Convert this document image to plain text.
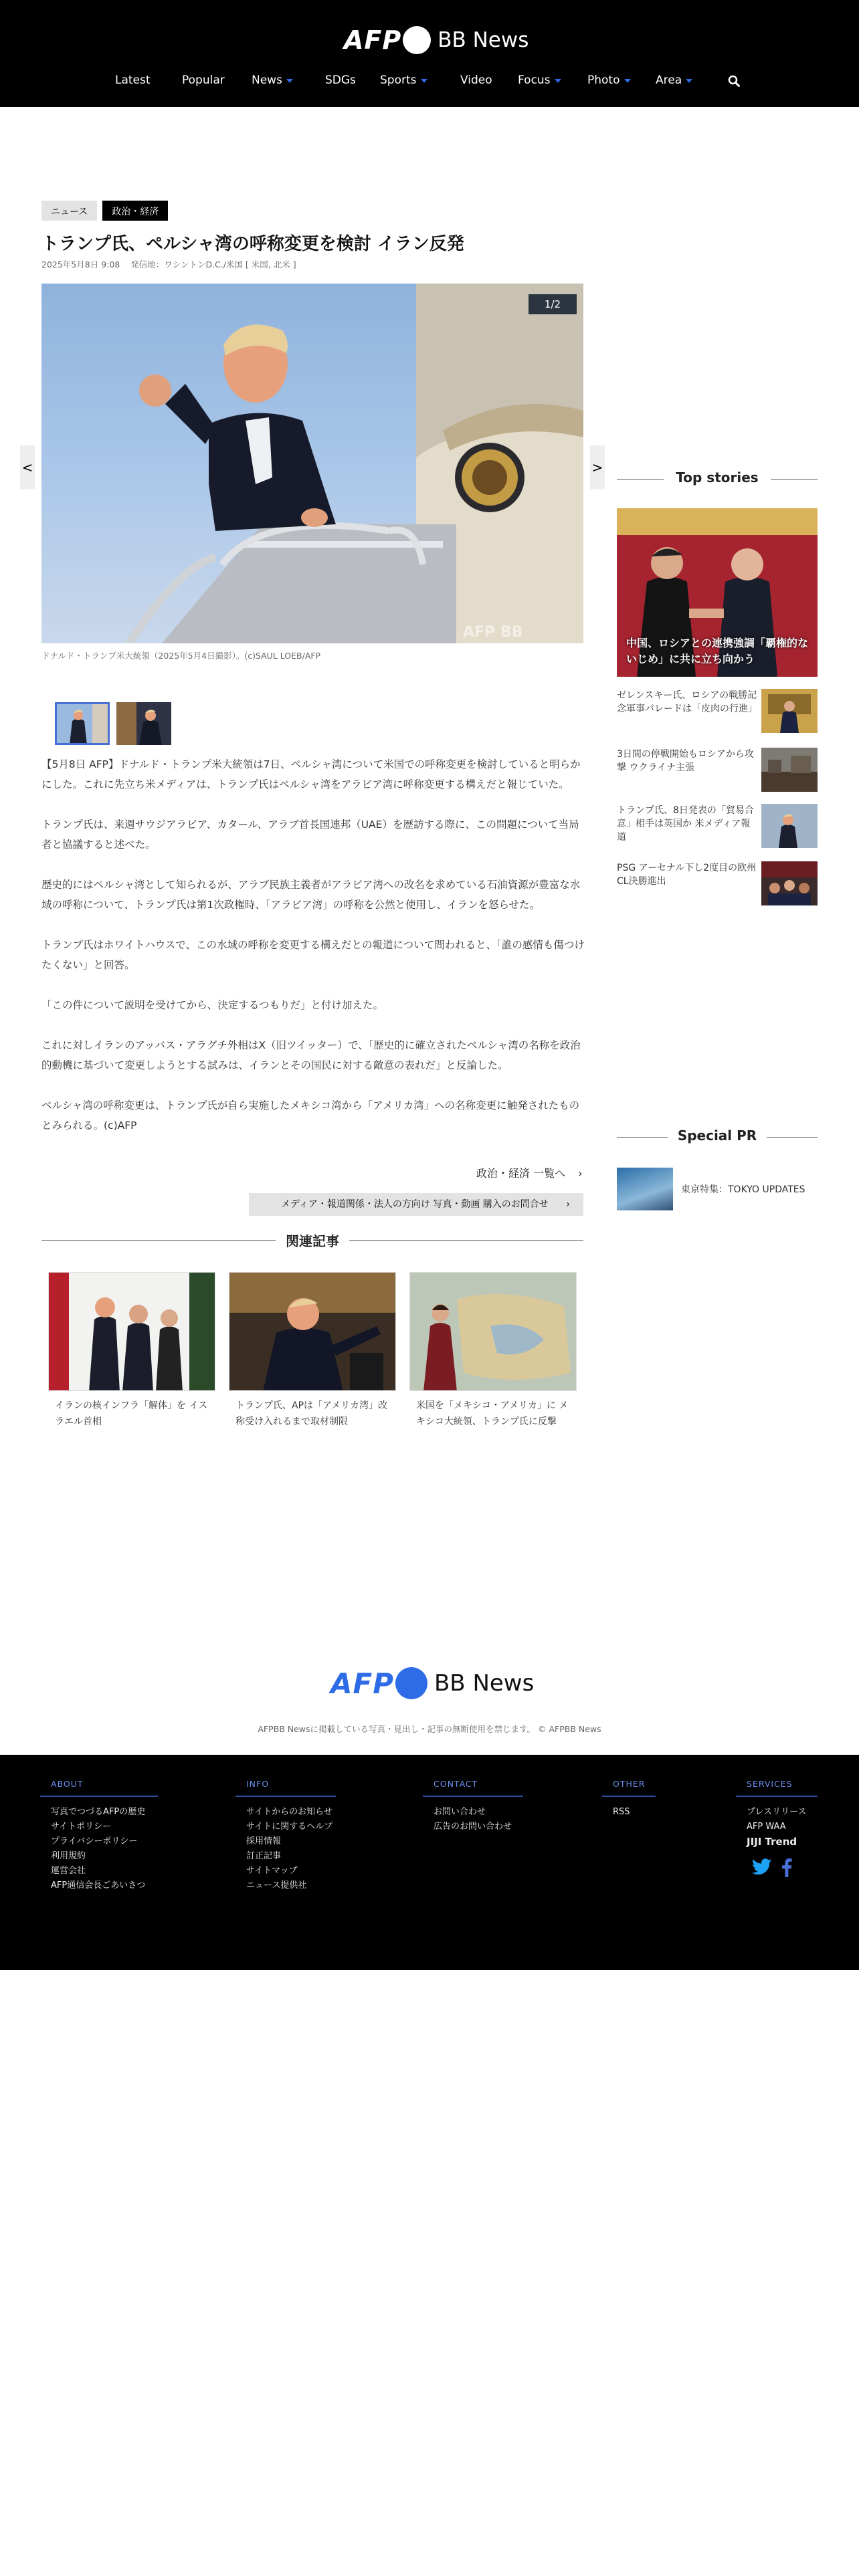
AFP BB News
Latest	Popular News	SDGs Sports	Video Focus	Photo	Area
ニュース	政治・経済
トランプ氏、ペルシャ湾の呼称変更を検討 イラン反発
2025年5月8日 9:08 発信地：ワシントンD.C./米国 [ 米国, 北米 ]
AFP BB
1/2
<	>
ドナルド・トランプ米大統領（2025年5月4日撮影）。(c)SAUL LOEB/AFP

【5月8日 AFP】ドナルド・トランプ米大統領は7日、ペルシャ湾について米国での呼称変更を検討していると明らかにした。これに先立ち米メディアは、トランプ氏はペルシャ湾をアラビア湾に呼称変更する構えだと報じていた。

トランプ氏は、来週サウジアラビア、カタール、アラブ首長国連邦（UAE）を歴訪する際に、この問題について当局者と協議すると述べた。

歴史的にはペルシャ湾として知られるが、アラブ民族主義者がアラビア湾への改名を求めている石油資源が豊富な水域の呼称について、トランプ氏は第1次政権時、「アラビア湾」の呼称を公然と使用し、イランを怒らせた。

トランプ氏はホワイトハウスで、この水域の呼称を変更する構えだとの報道について問われると、「誰の感情も傷つけたくない」と回答。

「この件について説明を受けてから、決定するつもりだ」と付け加えた。

これに対しイランのアッバス・アラグチ外相はX（旧ツイッター）で、「歴史的に確立されたペルシャ湾の名称を政治的動機に基づいて変更しようとする試みは、イランとその国民に対する敵意の表れだ」と反論した。

ベルシャ湾の呼称変更は、トランプ氏が自ら実施したメキシコ湾から「アメリカ湾」への名称変更に触発されたものとみられる。(c)AFP

政治・経済 一覧へ ›
メディア・報道関係・法人の方向け 写真・動画 購入のお問合せ ›
関連記事
イランの核インフラ「解体」を イスラエル首相
トランプ氏、APは「アメリカ湾」改称受け入れるまで取材制限
米国を「メキシコ・アメリカ」に メキシコ大統領、トランプ氏に反撃
Top stories
中国、ロシアとの連携強調「覇権的ないじめ」に共に立ち向かう
ゼレンスキー氏、ロシアの戦勝記念軍事パレードは「皮肉の行進」
3日間の停戦開始もロシアから攻撃 ウクライナ主張
トランプ氏、8日発表の「貿易合意」相手は英国か 米メディア報道
PSG アーセナル下し2度目の欧州CL決勝進出
Special PR
東京特集：TOKYO UPDATES
AFP BB News
AFPBB Newsに掲載している写真・見出し・記事の無断使用を禁じます。 © AFPBB News
ABOUT
写真でつづるAFPの歴史
サイトポリシー
プライバシーポリシー
利用規約
運営会社
AFP通信会長ごあいさつ
INFO
サイトからのお知らせ
サイトに関するヘルプ
採用情報
訂正記事
サイトマップ
ニュース提供社
CONTACT
お問い合わせ
広告のお問い合わせ
OTHER
RSS
SERVICES
プレスリリース
AFP WAA
JIJI Trend
